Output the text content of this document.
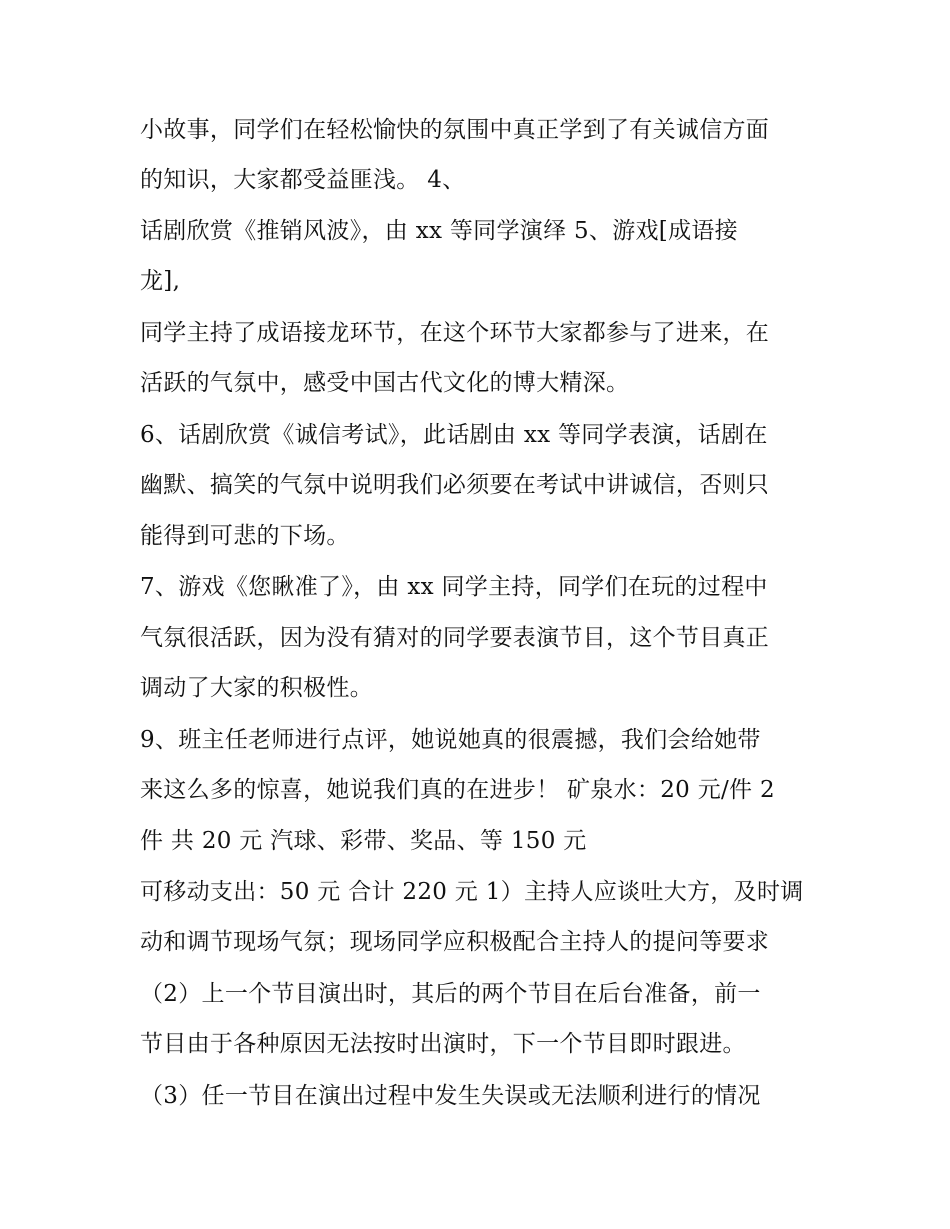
小故事，同学们在轻松愉快的氛围中真正学到了有关诚信方面
的知识，大家都受益匪浅。 4、
话剧欣赏《推销风波》，由 xx 等同学演绎 5、游戏[成语接
龙],
同学主持了成语接龙环节，在这个环节大家都参与了进来，在
活跃的气氛中，感受中国古代文化的博大精深。
6、话剧欣赏《诚信考试》，此话剧由 xx 等同学表演，话剧在
幽默、搞笑的气氛中说明我们必须要在考试中讲诚信，否则只
能得到可悲的下场。
7、游戏《您瞅准了》，由 xx 同学主持，同学们在玩的过程中
气氛很活跃，因为没有猜对的同学要表演节目，这个节目真正
调动了大家的积极性。
9、班主任老师进行点评，她说她真的很震撼，我们会给她带
来这么多的惊喜，她说我们真的在进步！ 矿泉水：20 元/件 2
件 共 20 元 汽球、彩带、奖品、等 150 元
可移动支出：50 元 合计 220 元 1）主持人应谈吐大方，及时调
动和调节现场气氛；现场同学应积极配合主持人的提问等要求
（2）上一个节目演出时，其后的两个节目在后台准备，前一
节目由于各种原因无法按时出演时，下一个节目即时跟进。
（3）任一节目在演出过程中发生失误或无法顺利进行的情况
